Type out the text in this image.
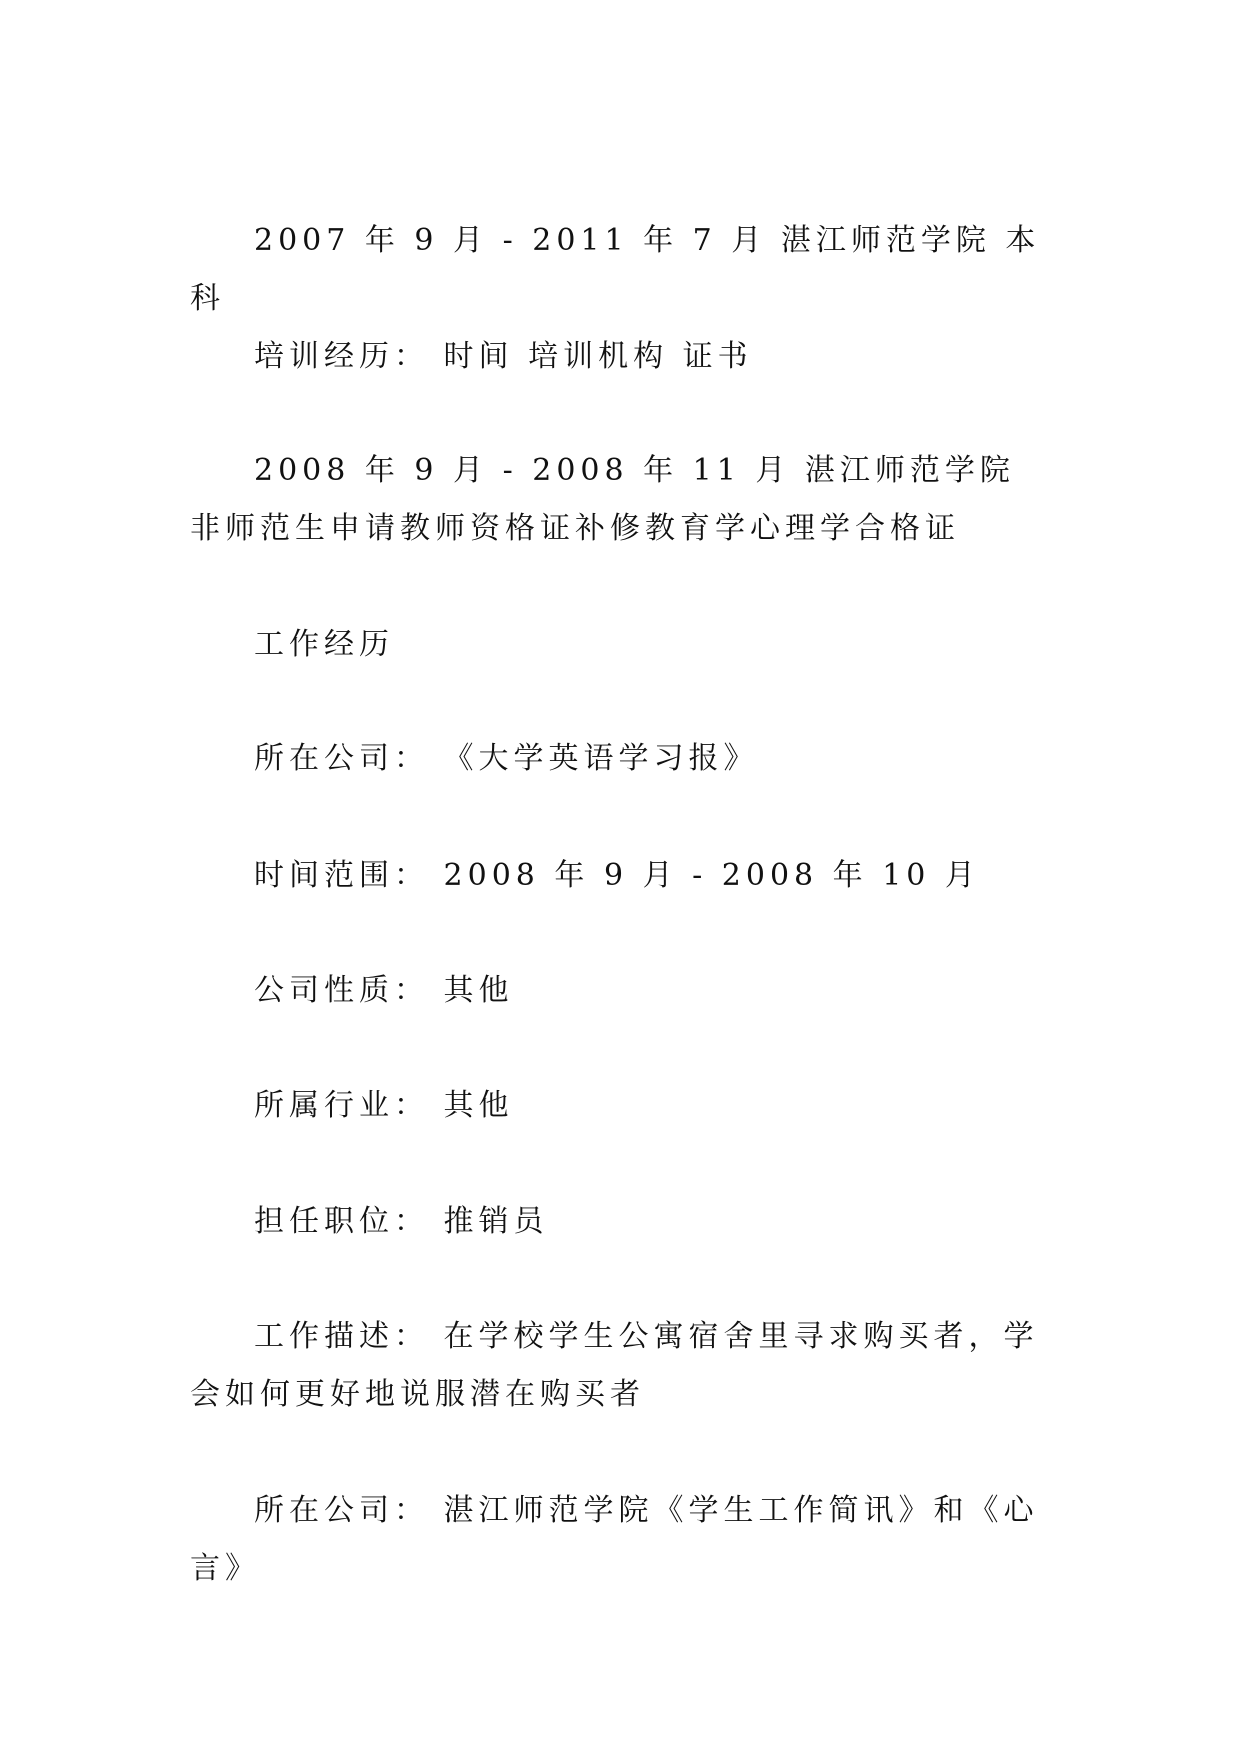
2007 年 9 月 - 2011 年 7 月 湛江师范学院 本科

培训经历： 时间 培训机构 证书

2008 年 9 月 - 2008 年 11 月 湛江师范学院 非师范生申请教师资格证补修教育学心理学合格证

工作经历

所在公司： 《大学英语学习报》

时间范围： 2008 年 9 月 - 2008 年 10 月

公司性质： 其他

所属行业： 其他

担任职位： 推销员

工作描述： 在学校学生公寓宿舍里寻求购买者，学会如何更好地说服潜在购买者

所在公司： 湛江师范学院《学生工作简讯》和《心言》
